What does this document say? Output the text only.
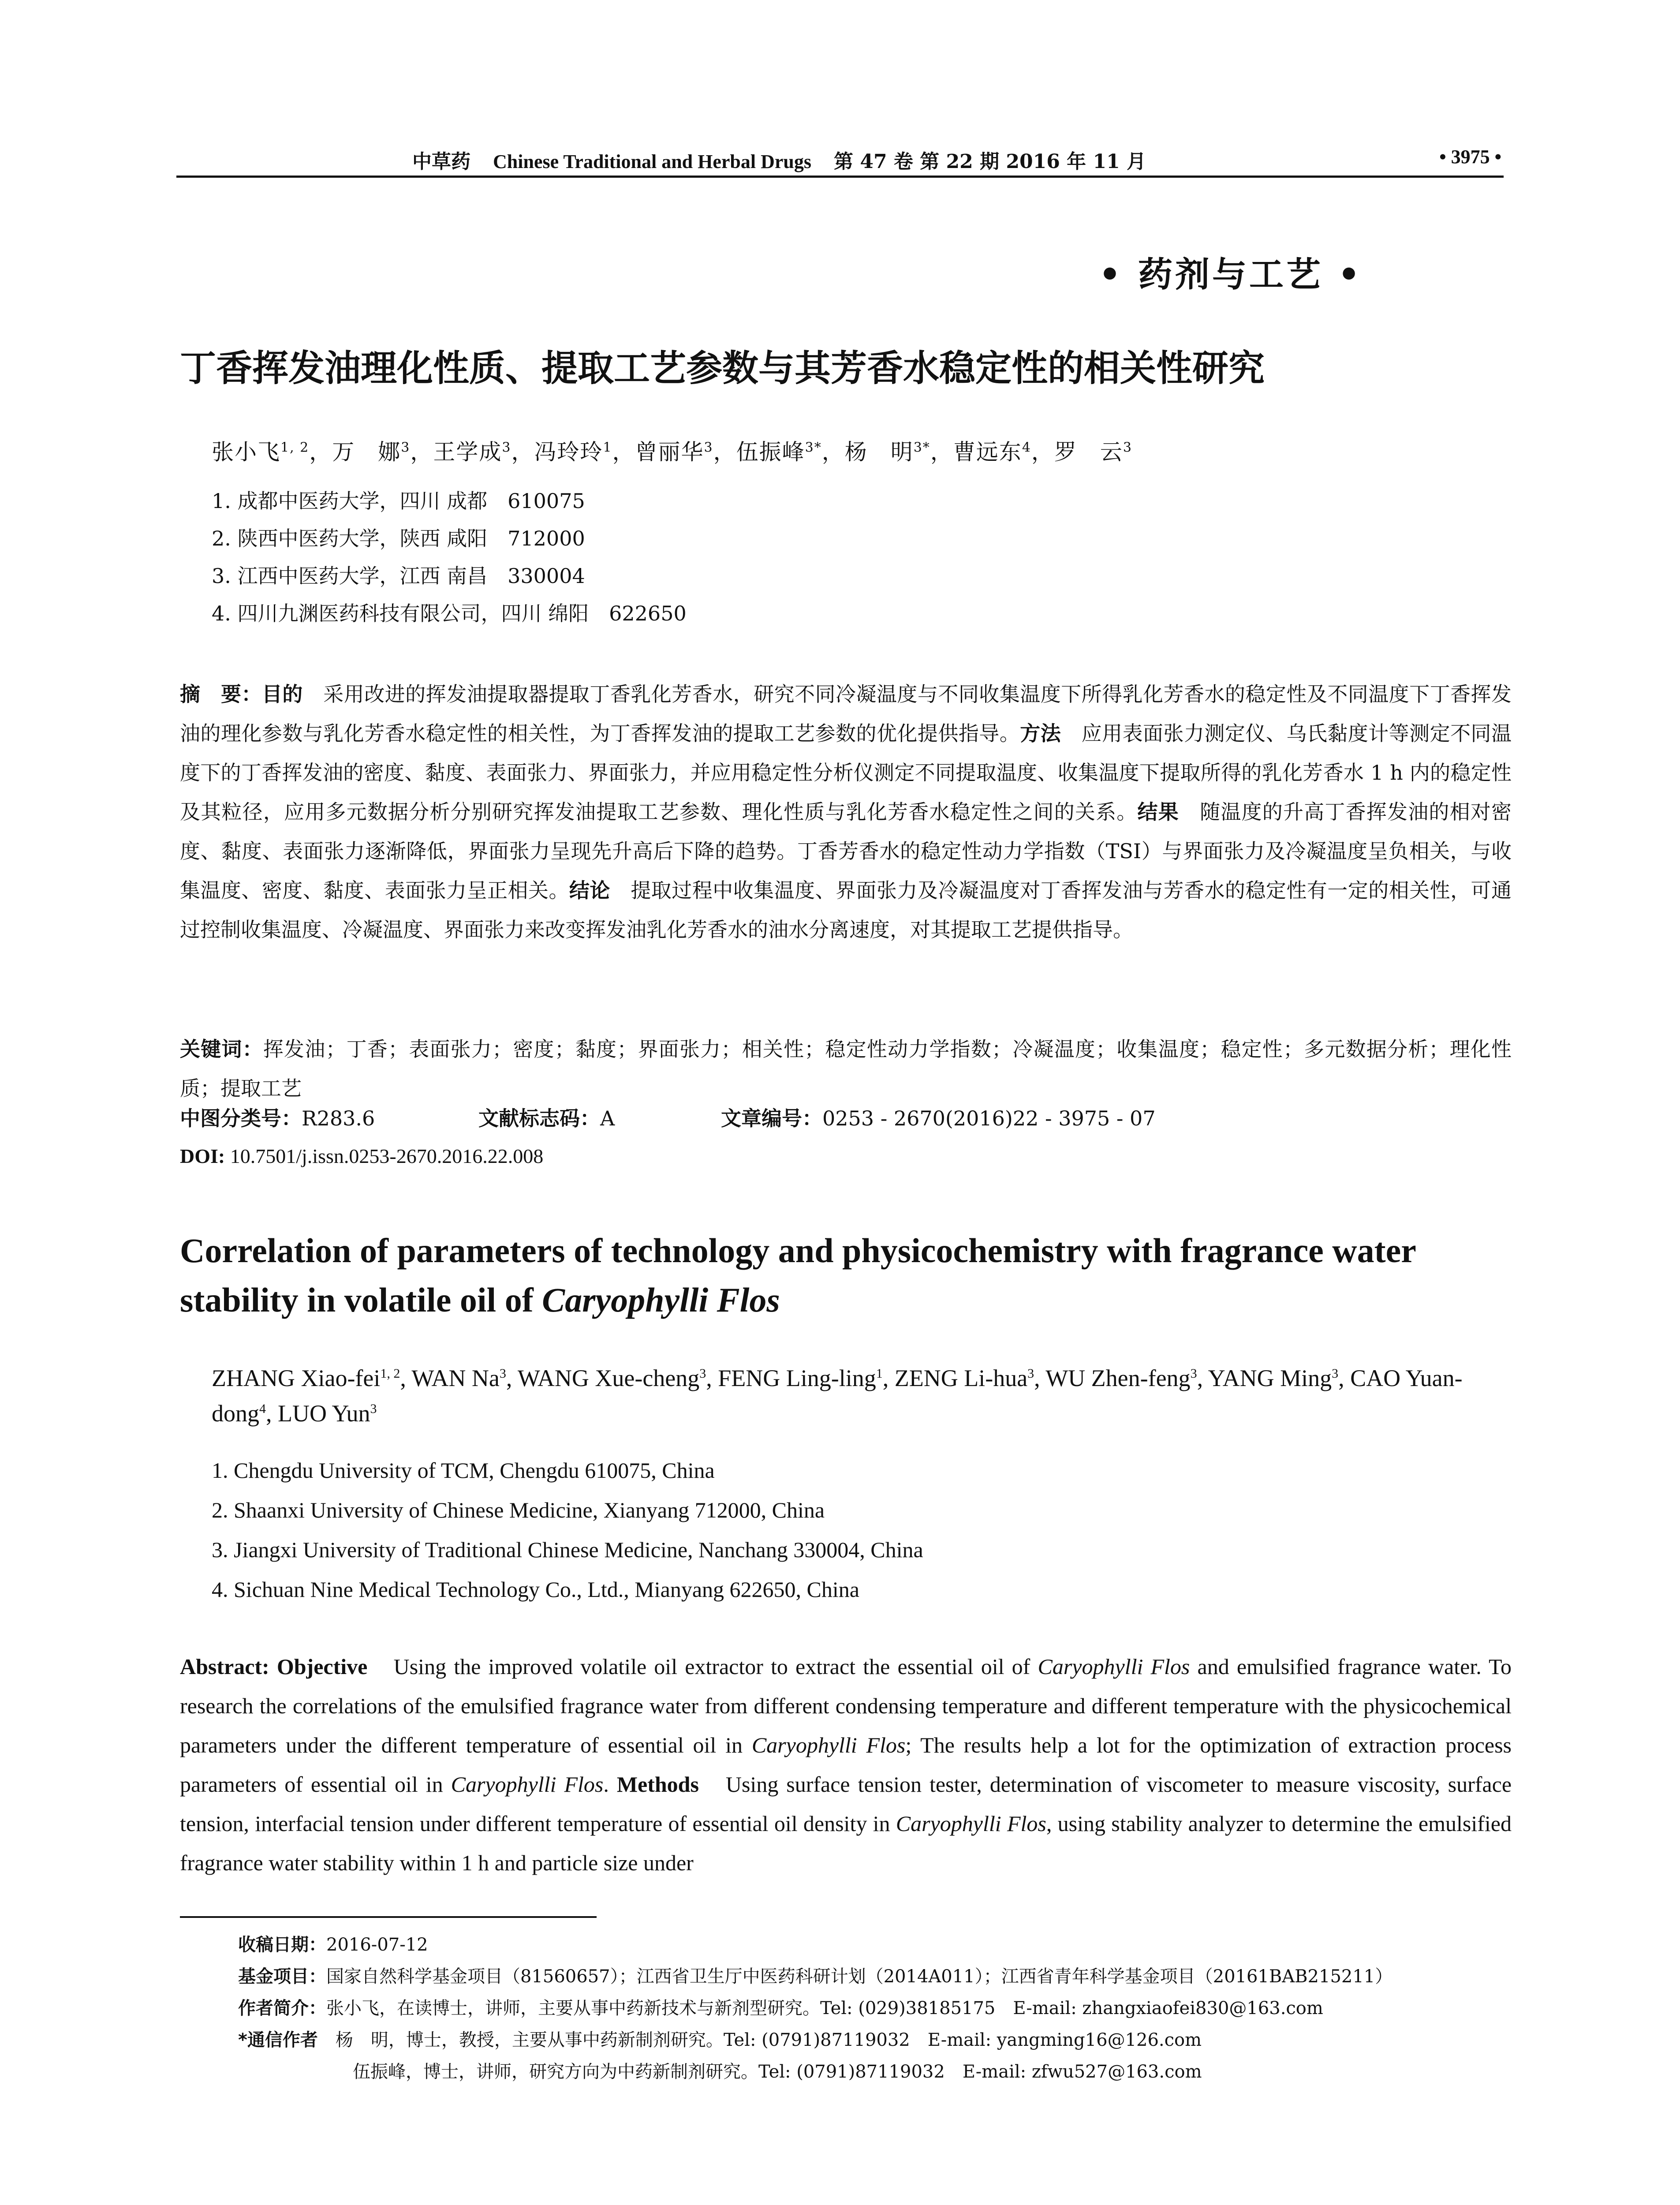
中草药 Chinese Traditional and Herbal Drugs 第 47 卷 第 22 期 2016 年 11 月	• 3975 •
• 药剂与工艺 •
丁香挥发油理化性质、提取工艺参数与其芳香水稳定性的相关性研究
张小飞$^{1, 2}$，万　娜$^3$，王学成$^3$，冯玲玲$^1$，曾丽华$^3$，伍振峰$^{3*}$，杨　明$^{3*}$，曹远东$^4$，罗　云$^3$
1. 成都中医药大学，四川 成都　610075
2. 陕西中医药大学，陕西 咸阳　712000
3. 江西中医药大学，江西 南昌　330004
4. 四川九渊医药科技有限公司，四川 绵阳　622650
摘　要：目的　采用改进的挥发油提取器提取丁香乳化芳香水，研究不同冷凝温度与不同收集温度下所得乳化芳香水的稳定性及不同温度下丁香挥发油的理化参数与乳化芳香水稳定性的相关性，为丁香挥发油的提取工艺参数的优化提供指导。方法　应用表面张力测定仪、乌氏黏度计等测定不同温度下的丁香挥发油的密度、黏度、表面张力、界面张力，并应用稳定性分析仪测定不同提取温度、收集温度下提取所得的乳化芳香水 1 h 内的稳定性及其粒径，应用多元数据分析分别研究挥发油提取工艺参数、理化性质与乳化芳香水稳定性之间的关系。结果　随温度的升高丁香挥发油的相对密度、黏度、表面张力逐渐降低，界面张力呈现先升高后下降的趋势。丁香芳香水的稳定性动力学指数（TSI）与界面张力及冷凝温度呈负相关，与收集温度、密度、黏度、表面张力呈正相关。结论　提取过程中收集温度、界面张力及冷凝温度对丁香挥发油与芳香水的稳定性有一定的相关性，可通过控制收集温度、冷凝温度、界面张力来改变挥发油乳化芳香水的油水分离速度，对其提取工艺提供指导。
关键词：挥发油；丁香；表面张力；密度；黏度；界面张力；相关性；稳定性动力学指数；冷凝温度；收集温度；稳定性；多元数据分析；理化性质；提取工艺
中图分类号：R283.6	文献标志码：A	文章编号：0253 - 2670(2016)22 - 3975 - 07
DOI: 10.7501/j.issn.0253-2670.2016.22.008
Correlation of parameters of technology and physicochemistry with fragrance water stability in volatile oil of Caryophylli Flos
ZHANG Xiao-fei$^{1, 2}$, WAN Na$^3$, WANG Xue-cheng$^3$, FENG Ling-ling$^1$, ZENG Li-hua$^3$, WU Zhen-feng$^3$, YANG Ming$^3$, CAO Yuan-dong$^4$, LUO Yun$^3$
1. Chengdu University of TCM, Chengdu 610075, China
2. Shaanxi University of Chinese Medicine, Xianyang 712000, China
3. Jiangxi University of Traditional Chinese Medicine, Nanchang 330004, China
4. Sichuan Nine Medical Technology Co., Ltd., Mianyang 622650, China
Abstract: Objective　Using the improved volatile oil extractor to extract the essential oil of Caryophylli Flos and emulsified fragrance water. To research the correlations of the emulsified fragrance water from different condensing temperature and different temperature with the physicochemical parameters under the different temperature of essential oil in Caryophylli Flos; The results help a lot for the optimization of extraction process parameters of essential oil in Caryophylli Flos. Methods　Using surface tension tester, determination of viscometer to measure viscosity, surface tension, interfacial tension under different temperature of essential oil density in Caryophylli Flos, using stability analyzer to determine the emulsified fragrance water stability within 1 h and particle size under
收稿日期：2016-07-12
基金项目：国家自然科学基金项目（81560657）；江西省卫生厅中医药科研计划（2014A011）；江西省青年科学基金项目（20161BAB215211）
作者简介：张小飞，在读博士，讲师，主要从事中药新技术与新剂型研究。Tel: (029)38185175　E-mail: zhangxiaofei830@163.com
*通信作者　杨　明，博士，教授，主要从事中药新制剂研究。Tel: (0791)87119032　E-mail: yangming16@126.com
伍振峰，博士，讲师，研究方向为中药新制剂研究。Tel: (0791)87119032　E-mail: zfwu527@163.com
